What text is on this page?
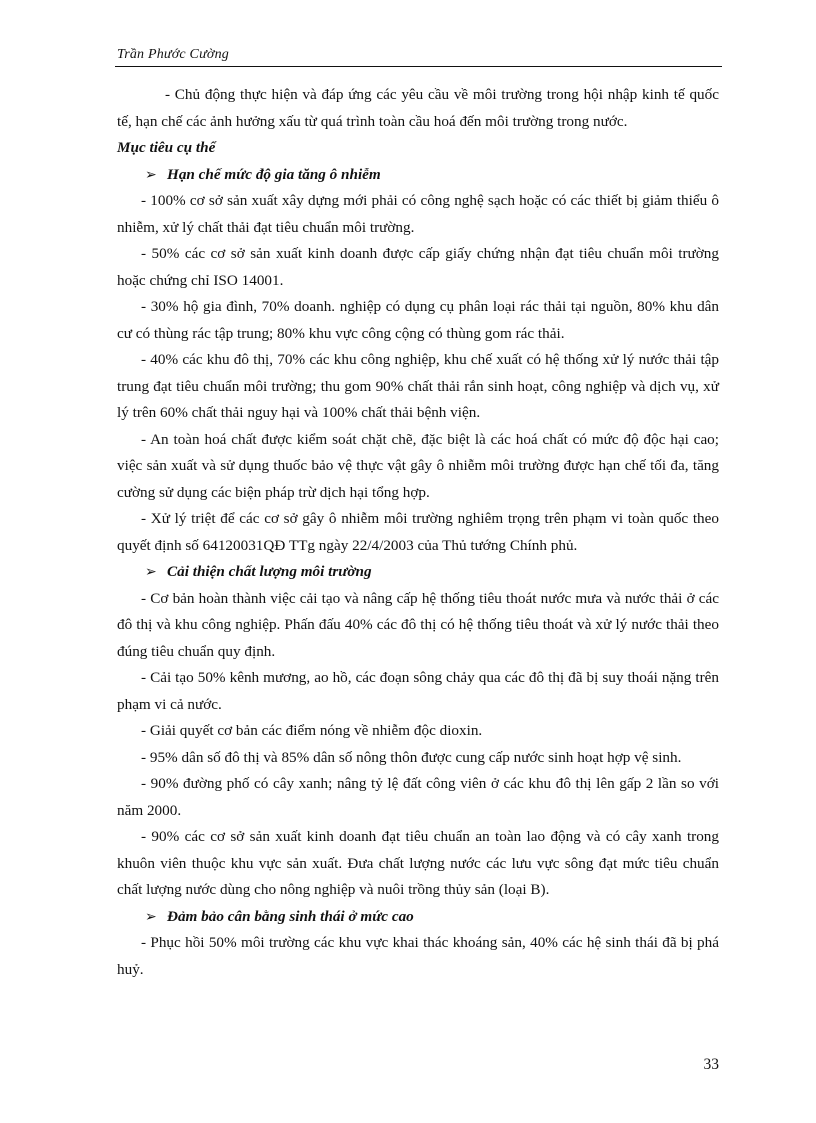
Trần Phước Cường

- Chủ động thực hiện và đáp ứng các yêu cầu về môi trường trong hội nhập kinh tế quốc tế, hạn chế các ảnh hưởng xấu từ quá trình toàn cầu hoá đến môi trường trong nước.

Mục tiêu cụ thể

➢ Hạn chế mức độ gia tăng ô nhiễm

- 100% cơ sở sản xuất xây dựng mới phải có công nghệ sạch hoặc có các thiết bị giảm thiểu ô nhiễm, xử lý chất thải đạt tiêu chuẩn môi trường.

- 50% các cơ sở sản xuất kinh doanh được cấp giấy chứng nhận đạt tiêu chuẩn môi trường hoặc chứng chỉ ISO 14001.

- 30% hộ gia đình, 70% doanh. nghiệp có dụng cụ phân loại rác thải tại nguồn, 80% khu dân cư có thùng rác tập trung; 80% khu vực công cộng có thùng gom rác thải.

- 40% các khu đô thị, 70% các khu công nghiệp, khu chế xuất có hệ thống xử lý nước thải tập trung đạt tiêu chuẩn môi trường; thu gom 90% chất thải rắn sinh hoạt, công nghiệp và dịch vụ, xử lý trên 60% chất thải nguy hại và 100% chất thải bệnh viện.

- An toàn hoá chất được kiểm soát chặt chẽ, đặc biệt là các hoá chất có mức độ độc hại cao; việc sản xuất và sử dụng thuốc bảo vệ thực vật gây ô nhiễm môi trường được hạn chế tối đa, tăng cường sử dụng các biện pháp trừ dịch hại tổng hợp.

- Xử lý triệt để các cơ sở gây ô nhiễm môi trường nghiêm trọng trên phạm vi toàn quốc theo quyết định số 64120031QĐ TTg ngày 22/4/2003 của Thủ tướng Chính phủ.

➢ Cải thiện chất lượng môi trường

- Cơ bản hoàn thành việc cải tạo và nâng cấp hệ thống tiêu thoát nước mưa và nước thải ở các đô thị và khu công nghiệp. Phấn đấu 40% các đô thị có hệ thống tiêu thoát và xử lý nước thải theo đúng tiêu chuẩn quy định.

- Cải tạo 50% kênh mương, ao hồ, các đoạn sông chảy qua các đô thị đã bị suy thoái nặng trên phạm vi cả nước.

- Giải quyết cơ bản các điểm nóng về nhiễm độc dioxin.

- 95% dân số đô thị và 85% dân số nông thôn được cung cấp nước sinh hoạt hợp vệ sinh.

- 90% đường phố có cây xanh; nâng tỷ lệ đất công viên ở các khu đô thị lên gấp 2 lần so với năm 2000.

- 90% các cơ sở sản xuất kinh doanh đạt tiêu chuẩn an toàn lao động và có cây xanh trong khuôn viên thuộc khu vực sản xuất. Đưa chất lượng nước các lưu vực sông đạt mức tiêu chuẩn chất lượng nước dùng cho nông nghiệp và nuôi trồng thủy sản (loại B).

➢ Đảm bảo cân bằng sinh thái ở mức cao

- Phục hồi 50% môi trường các khu vực khai thác khoáng sản, 40% các hệ sinh thái đã bị phá huỷ.

33
